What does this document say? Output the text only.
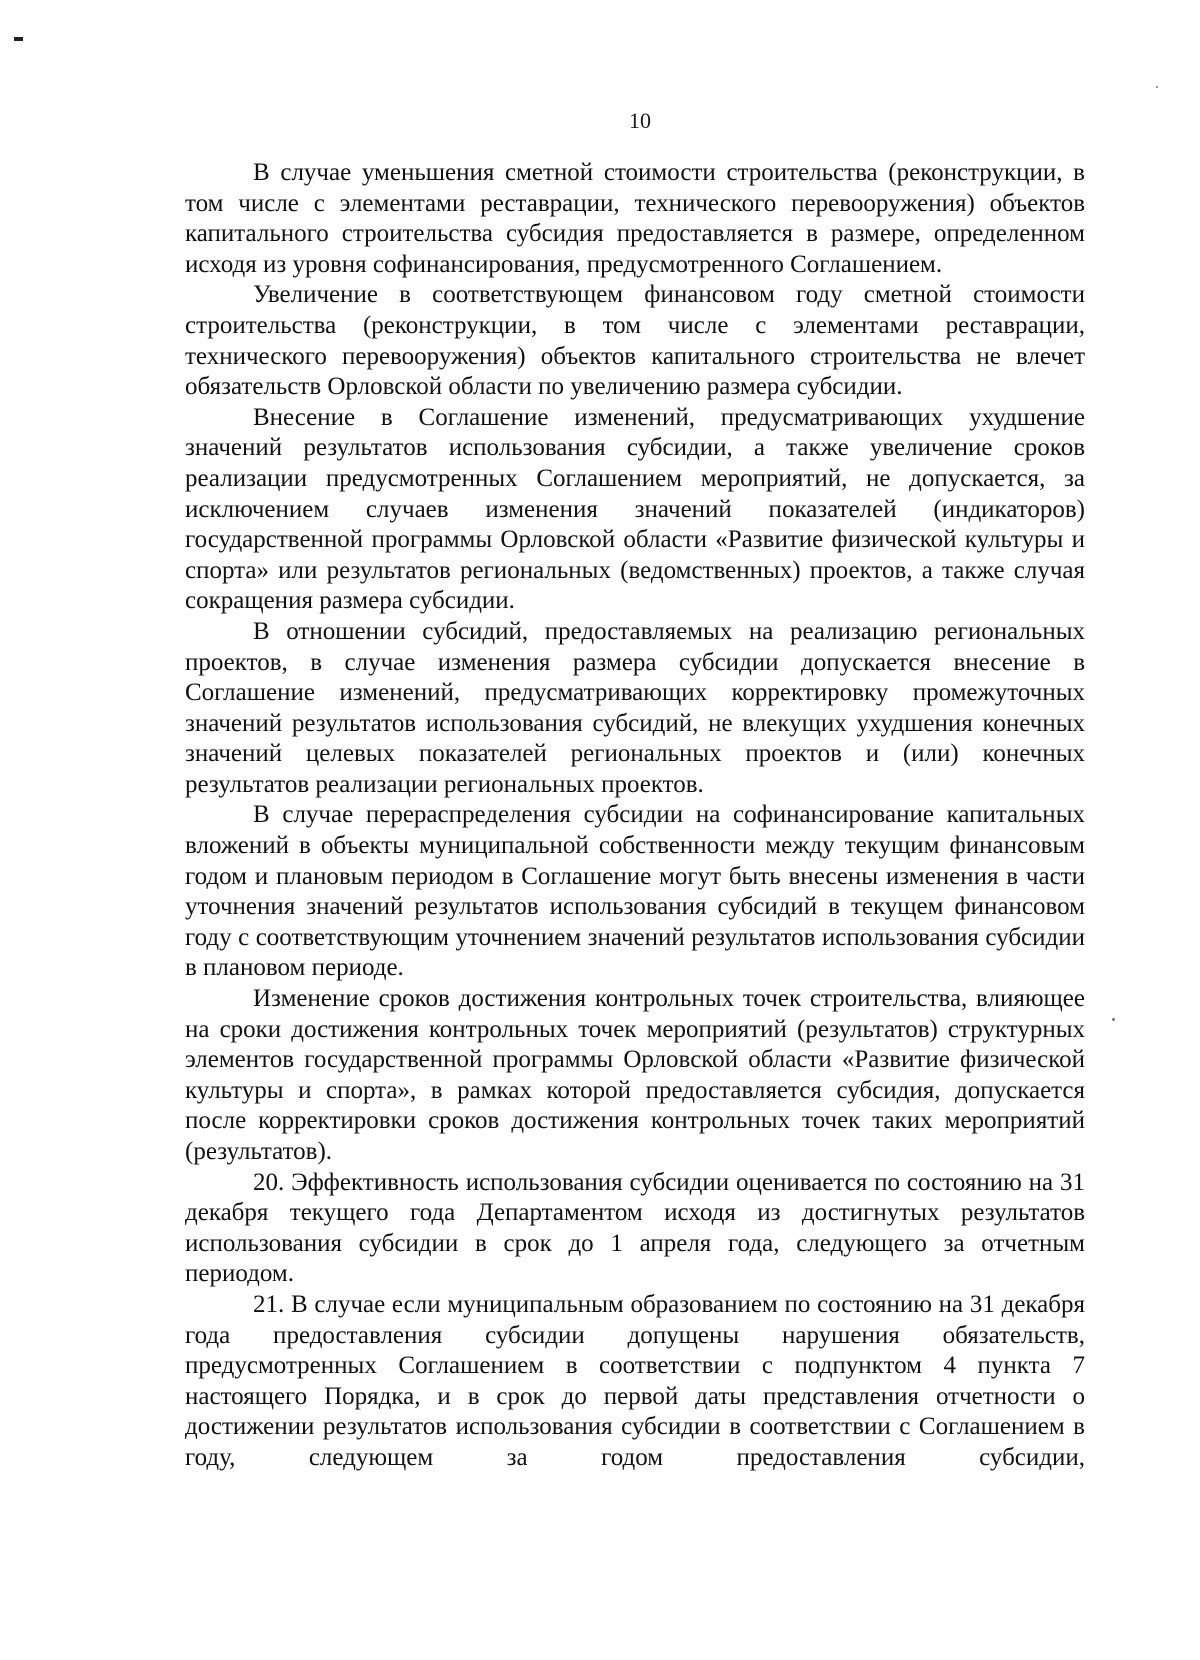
10

В случае уменьшения сметной стоимости строительства (реконструкции, в том числе с элементами реставрации, технического перевооружения) объектов капитального строительства субсидия предоставляется в размере, определенном исходя из уровня софинансирования, предусмотренного Соглашением.

Увеличение в соответствующем финансовом году сметной стоимости строительства (реконструкции, в том числе с элементами реставрации, технического перевооружения) объектов капитального строительства не влечет обязательств Орловской области по увеличению размера субсидии.

Внесение в Соглашение изменений, предусматривающих ухудшение значений результатов использования субсидии, а также увеличение сроков реализации предусмотренных Соглашением мероприятий, не допускается, за исключением случаев изменения значений показателей (индикаторов) государственной программы Орловской области «Развитие физической культуры и спорта» или результатов региональных (ведомственных) проектов, а также случая сокращения размера субсидии.

В отношении субсидий, предоставляемых на реализацию региональных проектов, в случае изменения размера субсидии допускается внесение в Соглашение изменений, предусматривающих корректировку промежуточных значений результатов использования субсидий, не влекущих ухудшения конечных значений целевых показателей региональных проектов и (или) конечных результатов реализации региональных проектов.

В случае перераспределения субсидии на софинансирование капитальных вложений в объекты муниципальной собственности между текущим финансовым годом и плановым периодом в Соглашение могут быть внесены изменения в части уточнения значений результатов использования субсидий в текущем финансовом году с соответствующим уточнением значений результатов использования субсидии в плановом периоде.

Изменение сроков достижения контрольных точек строительства, влияющее на сроки достижения контрольных точек мероприятий (результатов) структурных элементов государственной программы Орловской области «Развитие физической культуры и спорта», в рамках которой предоставляется субсидия, допускается после корректировки сроков достижения контрольных точек таких мероприятий (результатов).

20. Эффективность использования субсидии оценивается по состоянию на 31 декабря текущего года Департаментом исходя из достигнутых результатов использования субсидии в срок до 1 апреля года, следующего за отчетным периодом.

21. В случае если муниципальным образованием по состоянию на 31 декабря года предоставления субсидии допущены нарушения обязательств, предусмотренных Соглашением в соответствии с подпунктом 4 пункта 7 настоящего Порядка, и в срок до первой даты представления отчетности о достижении результатов использования субсидии в соответствии с Соглашением в году, следующем за годом предоставления субсидии,
